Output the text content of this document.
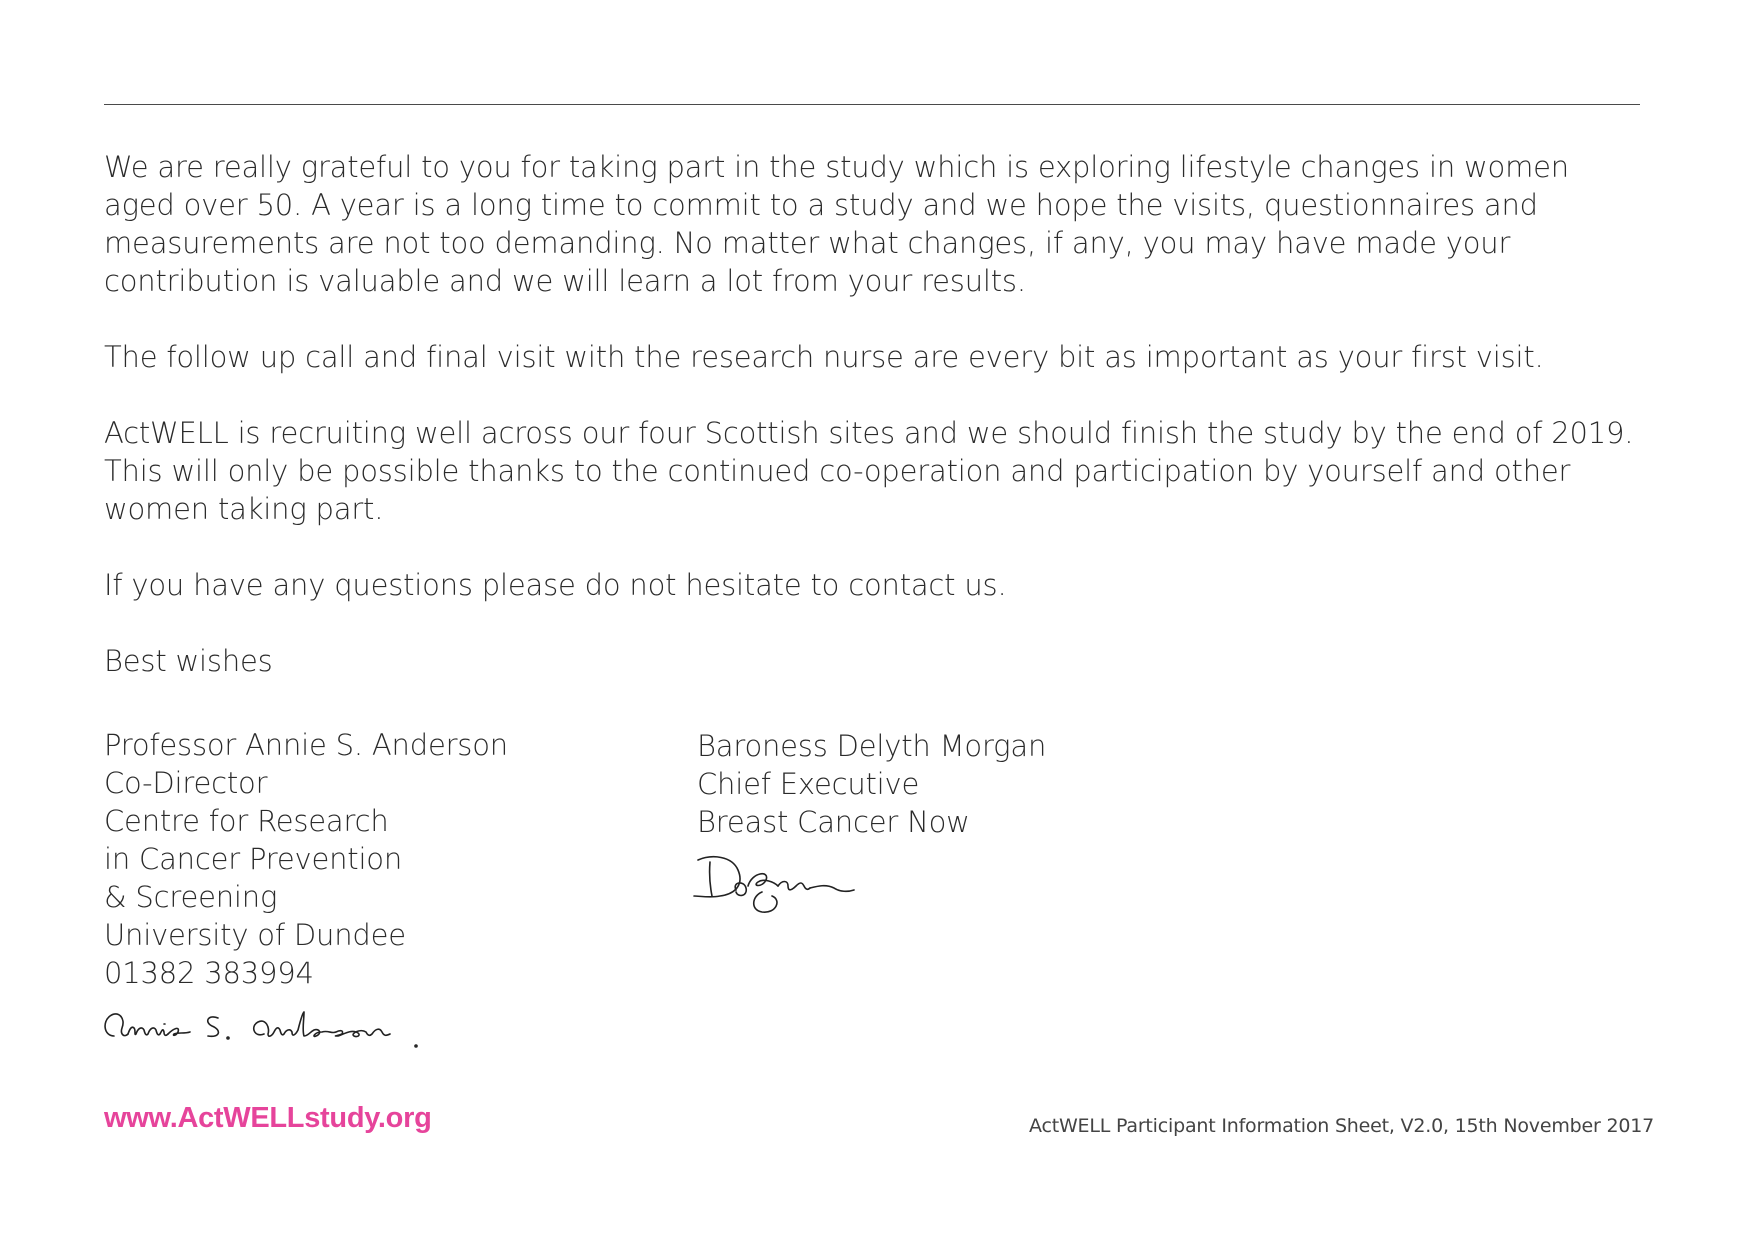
We are really grateful to you for taking part in the study which is exploring lifestyle changes in women
aged over 50. A year is a long time to commit to a study and we hope the visits, questionnaires and
measurements are not too demanding. No matter what changes, if any, you may have made your
contribution is valuable and we will learn a lot from your results.

The follow up call and final visit with the research nurse are every bit as important as your first visit.

ActWELL is recruiting well across our four Scottish sites and we should finish the study by the end of 2019.
This will only be possible thanks to the continued co-operation and participation by yourself and other
women taking part.

If you have any questions please do not hesitate to contact us.

Best wishes

Professor Annie S. Anderson
Co-Director
Centre for Research
in Cancer Prevention
& Screening
University of Dundee
01382 383994
Baroness Delyth Morgan
Chief Executive
Breast Cancer Now
www.ActWELLstudy.org	ActWELL Participant Information Sheet, V2.0, 15th November 2017
